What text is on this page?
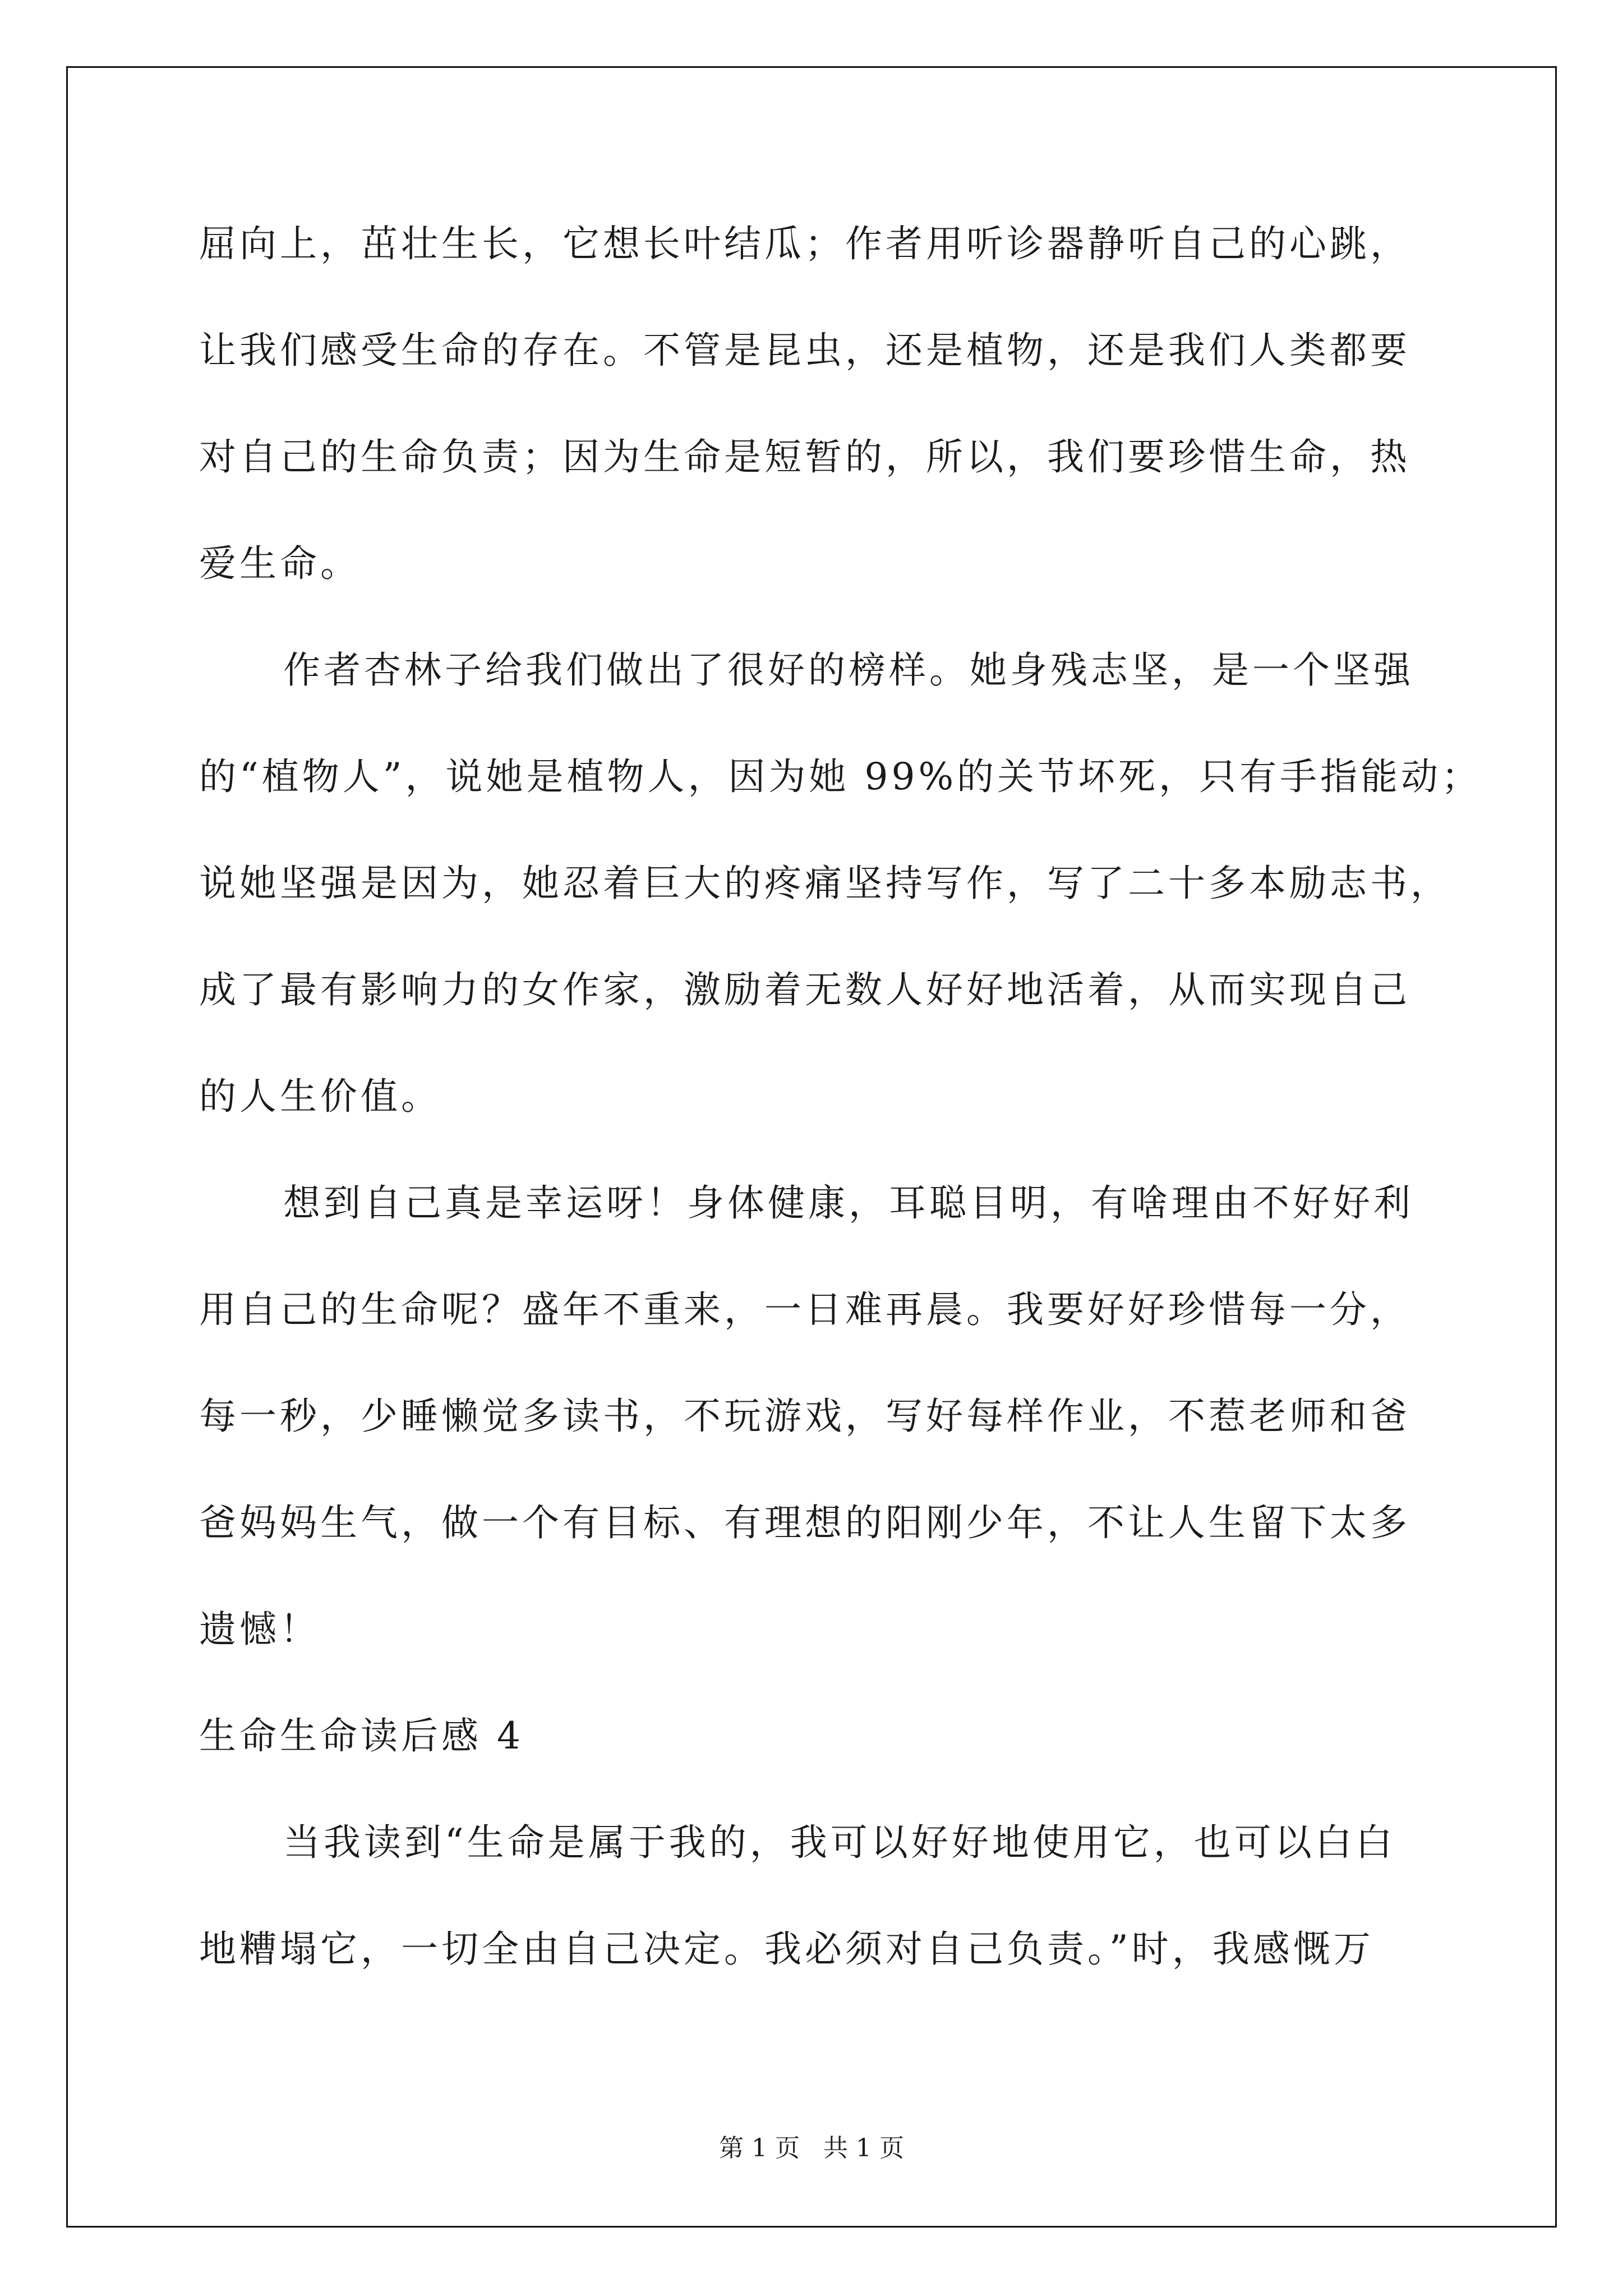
屈向上，茁壮生长，它想长叶结瓜；作者用听诊器静听自己的心跳，
让我们感受生命的存在。不管是昆虫，还是植物，还是我们人类都要
对自己的生命负责；因为生命是短暂的，所以，我们要珍惜生命，热
爱生命。
作者杏林子给我们做出了很好的榜样。她身残志坚，是一个坚强
的“植物人”，说她是植物人，因为她 99%的关节坏死，只有手指能动；
说她坚强是因为，她忍着巨大的疼痛坚持写作，写了二十多本励志书，
成了最有影响力的女作家，激励着无数人好好地活着，从而实现自己
的人生价值。
想到自己真是幸运呀！身体健康，耳聪目明，有啥理由不好好利
用自己的生命呢？盛年不重来，一日难再晨。我要好好珍惜每一分，
每一秒，少睡懒觉多读书，不玩游戏，写好每样作业，不惹老师和爸
爸妈妈生气，做一个有目标、有理想的阳刚少年，不让人生留下太多
遗憾！
生命生命读后感 4
当我读到“生命是属于我的，我可以好好地使用它，也可以白白
地糟塌它，一切全由自己决定。我必须对自己负责。”时，我感慨万
第 1 页   共 1 页
